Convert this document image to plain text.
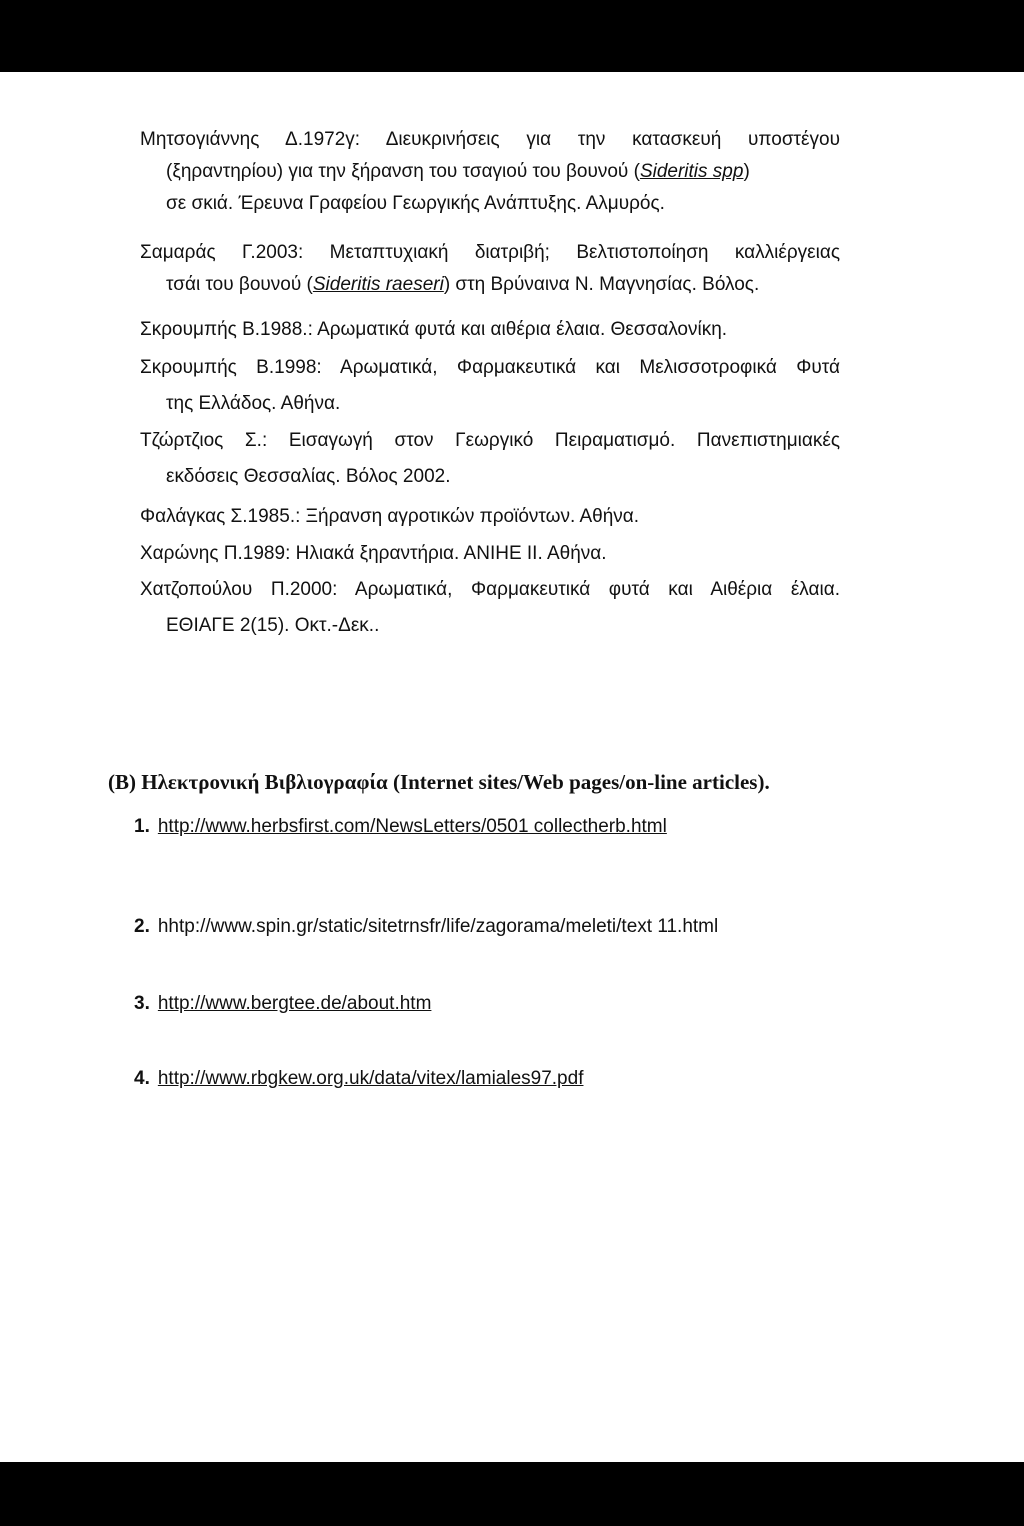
Μητσογιάννης Δ.1972γ: Διευκρινήσεις για την κατασκευή υποστέγου
(ξηραντηρίου) για την ξήρανση του τσαγιού του βουνού (Sideritis spp)
σε σκιά. Έρευνα Γραφείου Γεωργικής Ανάπτυξης. Αλμυρός.
Σαμαράς Γ.2003: Μεταπτυχιακή διατριβή; Βελτιστοποίηση καλλιέργειας
τσάι του βουνού (Sideritis raeseri) στη Βρύναινα Ν. Μαγνησίας. Βόλος.
Σκρουμπής Β.1988.: Αρωματικά φυτά και αιθέρια έλαια. Θεσσαλονίκη.
Σκρουμπής Β.1998: Αρωματικά, Φαρμακευτικά και Μελισσοτροφικά Φυτά
της Ελλάδος. Αθήνα.
Τζώρτζιος Σ.: Εισαγωγή στον Γεωργικό Πειραματισμό. Πανεπιστημιακές
εκδόσεις Θεσσαλίας. Βόλος 2002.
Φαλάγκας Σ.1985.: Ξήρανση αγροτικών προϊόντων. Αθήνα.
Χαρώνης Π.1989: Ηλιακά ξηραντήρια. ΑΝΙΗΕ ΙΙ. Αθήνα.
Χατζοπούλου Π.2000: Αρωματικά, Φαρμακευτικά φυτά και Αιθέρια έλαια.
ΕΘΙΑΓΕ 2(15). Οκτ.-Δεκ..
(Β) Ηλεκτρονική Βιβλιογραφία (Internet sites/Web pages/on-line articles).
1. http://www.herbsfirst.com/NewsLetters/0501 collectherb.html
2. hhtp://www.spin.gr/static/sitetrnsfr/life/zagorama/meleti/text 11.html
3. http://www.bergtee.de/about.htm
4. http://www.rbgkew.org.uk/data/vitex/lamiales97.pdf
